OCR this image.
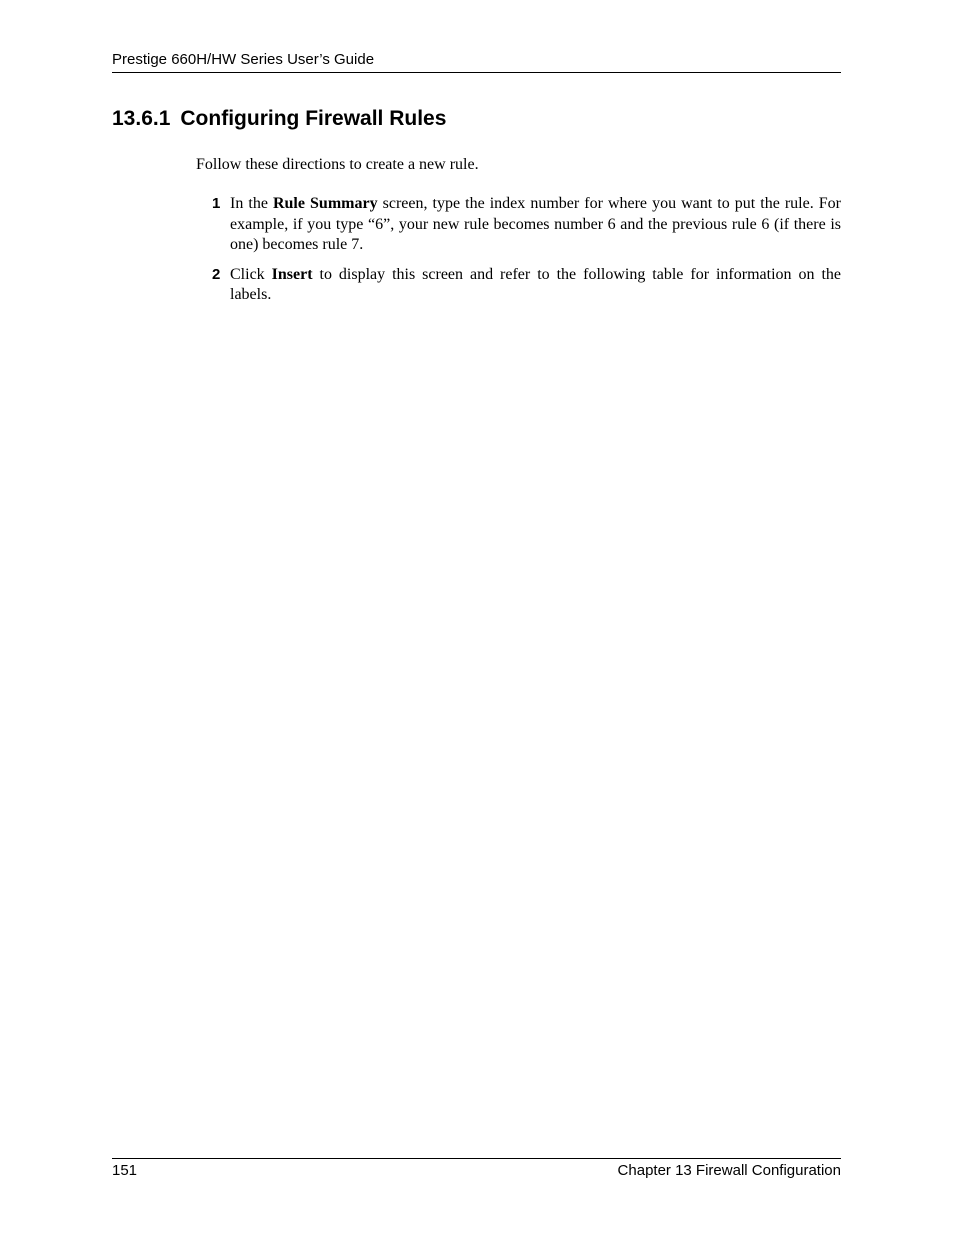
Prestige 660H/HW Series User’s Guide
13.6.1 Configuring Firewall Rules

Follow these directions to create a new rule.

1 In the Rule Summary screen, type the index number for where you want to put the rule. For example, if you type “6”, your new rule becomes number 6 and the previous rule 6 (if there is one) becomes rule 7.
2 Click Insert to display this screen and refer to the following table for information on the labels.
151	Chapter 13 Firewall Configuration
